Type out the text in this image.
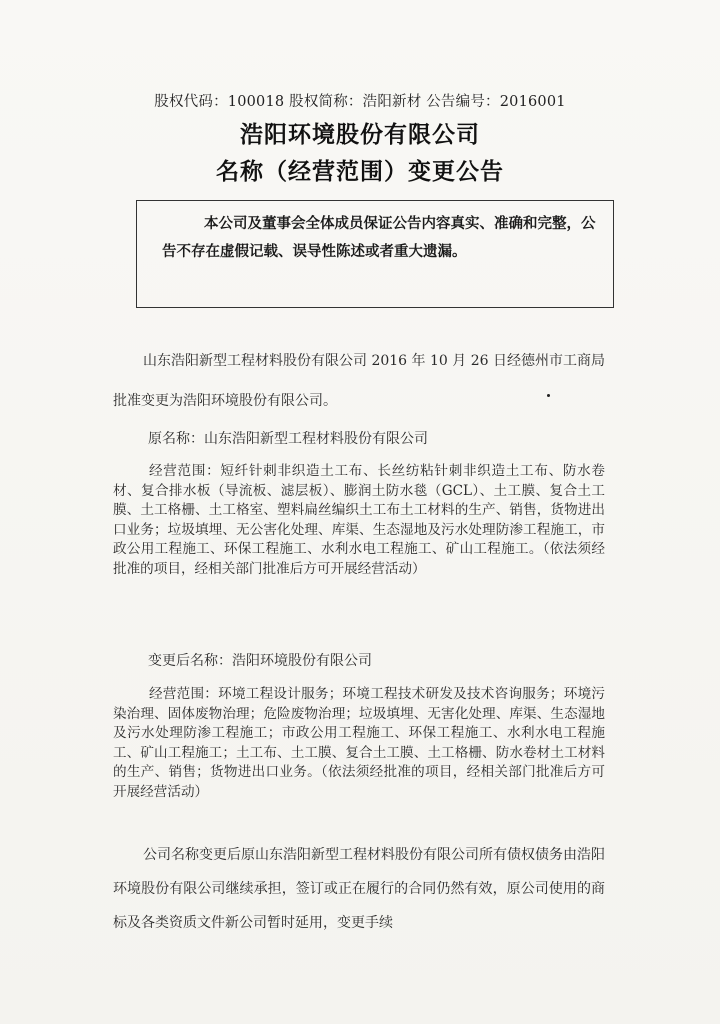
股权代码：100018 股权简称：浩阳新材 公告编号：2016001
浩阳环境股份有限公司
名称（经营范围）变更公告

本公司及董事会全体成员保证公告内容真实、准确和完整，公告不存在虚假记载、误导性陈述或者重大遗漏。

山东浩阳新型工程材料股份有限公司 2016 年 10 月 26 日经德州市工商局批准变更为浩阳环境股份有限公司。

原名称：山东浩阳新型工程材料股份有限公司

经营范围：短纤针刺非织造土工布、长丝纺粘针刺非织造土工布、防水卷材、复合排水板（导流板、滤层板）、膨润土防水毯（GCL）、土工膜、复合土工膜、土工格栅、土工格室、塑料扁丝编织土工布土工材料的生产、销售，货物进出口业务；垃圾填埋、无公害化处理、库渠、生态湿地及污水处理防渗工程施工，市政公用工程施工、环保工程施工、水利水电工程施工、矿山工程施工。（依法须经批准的项目，经相关部门批准后方可开展经营活动）

变更后名称：浩阳环境股份有限公司

经营范围：环境工程设计服务；环境工程技术研发及技术咨询服务；环境污染治理、固体废物治理；危险废物治理；垃圾填埋、无害化处理、库渠、生态湿地及污水处理防渗工程施工；市政公用工程施工、环保工程施工、水利水电工程施工、矿山工程施工；土工布、土工膜、复合土工膜、土工格栅、防水卷材土工材料的生产、销售；货物进出口业务。（依法须经批准的项目，经相关部门批准后方可开展经营活动）

公司名称变更后原山东浩阳新型工程材料股份有限公司所有债权债务由浩阳环境股份有限公司继续承担，签订或正在履行的合同仍然有效，原公司使用的商标及各类资质文件新公司暂时延用，变更手续
